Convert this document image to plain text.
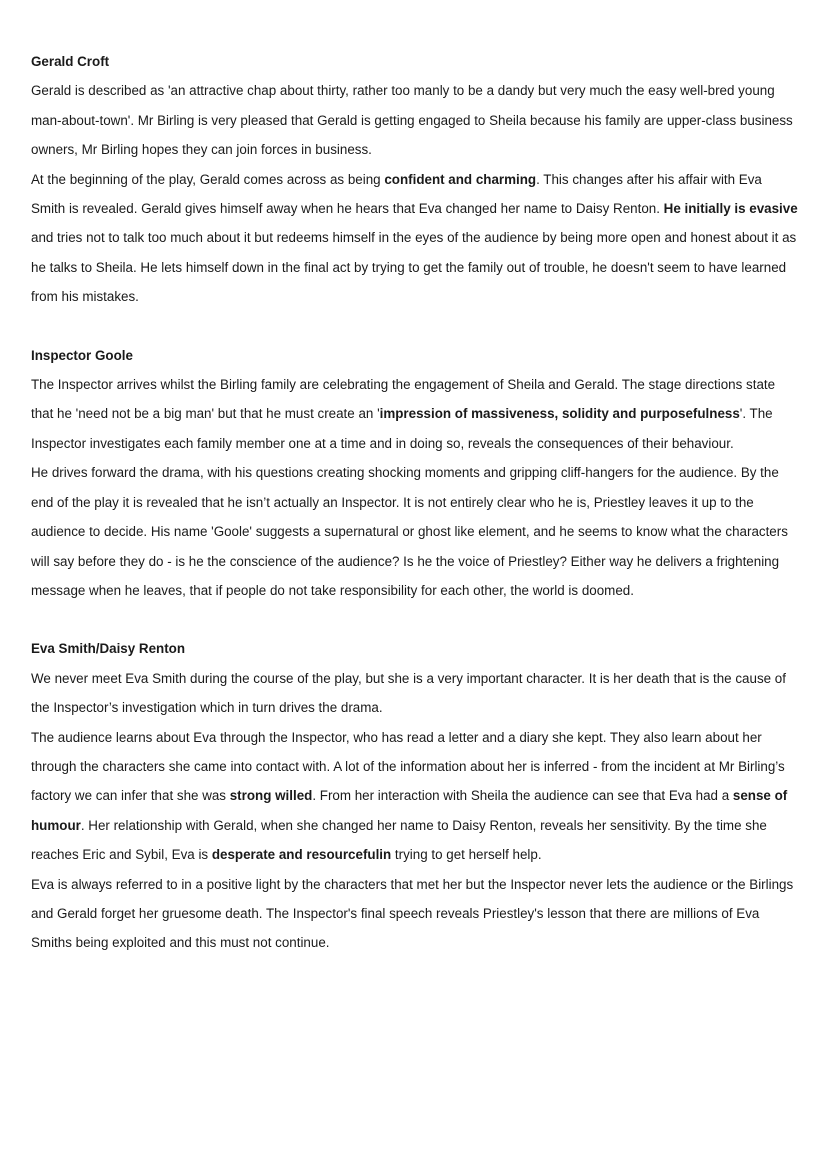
Gerald Croft

Gerald is described as 'an attractive chap about thirty, rather too manly to be a dandy but very much the easy well-bred young man-about-town'. Mr Birling is very pleased that Gerald is getting engaged to Sheila because his family are upper-class business owners, Mr Birling hopes they can join forces in business.

At the beginning of the play, Gerald comes across as being confident and charming. This changes after his affair with Eva Smith is revealed. Gerald gives himself away when he hears that Eva changed her name to Daisy Renton. He initially is evasive and tries not to talk too much about it but redeems himself in the eyes of the audience by being more open and honest about it as he talks to Sheila. He lets himself down in the final act by trying to get the family out of trouble, he doesn't seem to have learned from his mistakes.

Inspector Goole

The Inspector arrives whilst the Birling family are celebrating the engagement of Sheila and Gerald. The stage directions state that he 'need not be a big man' but that he must create an 'impression of massiveness, solidity and purposefulness'. The Inspector investigates each family member one at a time and in doing so, reveals the consequences of their behaviour.

He drives forward the drama, with his questions creating shocking moments and gripping cliff-hangers for the audience. By the end of the play it is revealed that he isn’t actually an Inspector. It is not entirely clear who he is, Priestley leaves it up to the audience to decide. His name 'Goole' suggests a supernatural or ghost like element, and he seems to know what the characters will say before they do - is he the conscience of the audience? Is he the voice of Priestley? Either way he delivers a frightening message when he leaves, that if people do not take responsibility for each other, the world is doomed.

Eva Smith/Daisy Renton

We never meet Eva Smith during the course of the play, but she is a very important character. It is her death that is the cause of the Inspector’s investigation which in turn drives the drama.

The audience learns about Eva through the Inspector, who has read a letter and a diary she kept. They also learn about her through the characters she came into contact with. A lot of the information about her is inferred - from the incident at Mr Birling’s factory we can infer that she was strong willed. From her interaction with Sheila the audience can see that Eva had a sense of humour. Her relationship with Gerald, when she changed her name to Daisy Renton, reveals her sensitivity. By the time she reaches Eric and Sybil, Eva is desperate and resourcefulin trying to get herself help.

Eva is always referred to in a positive light by the characters that met her but the Inspector never lets the audience or the Birlings and Gerald forget her gruesome death. The Inspector's final speech reveals Priestley's lesson that there are millions of Eva Smiths being exploited and this must not continue.
